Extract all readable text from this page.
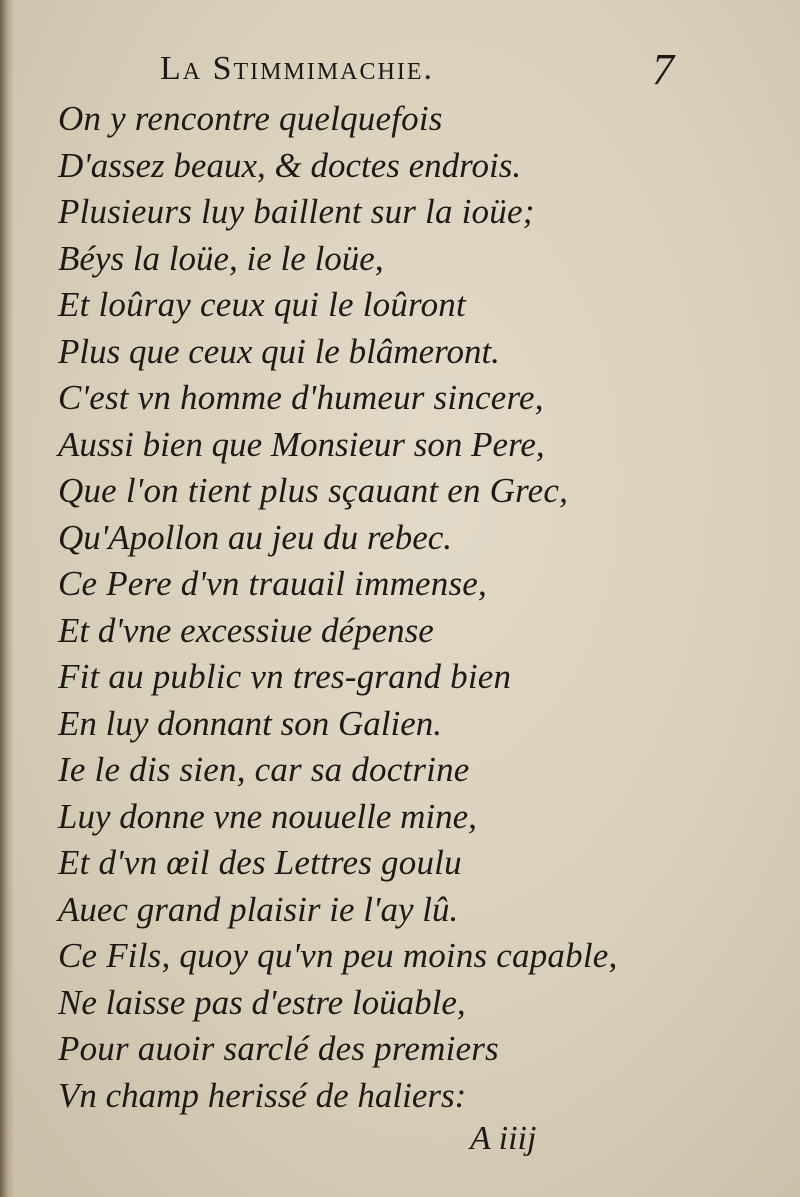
La Stimmimachie.	7
On y rencontre quelquefois
D'assez beaux, & doctes endrois.
Plusieurs luy baillent sur la ioüe;
Béys la loüe, ie le loüe,
Et loûray ceux qui le loûront
Plus que ceux qui le blâmeront.
C'est vn homme d'humeur sincere,
Aussi bien que Monsieur son Pere,
Que l'on tient plus sçauant en Grec,
Qu'Apollon au jeu du rebec.
Ce Pere d'vn trauail immense,
Et d'vne excessiue dépense
Fit au public vn tres-grand bien
En luy donnant son Galien.
Ie le dis sien, car sa doctrine
Luy donne vne nouuelle mine,
Et d'vn œil des Lettres goulu
Auec grand plaisir ie l'ay lû.
Ce Fils, quoy qu'vn peu moins capable,
Ne laisse pas d'estre loüable,
Pour auoir sarclé des premiers
Vn champ herissé de haliers:
A iiij
